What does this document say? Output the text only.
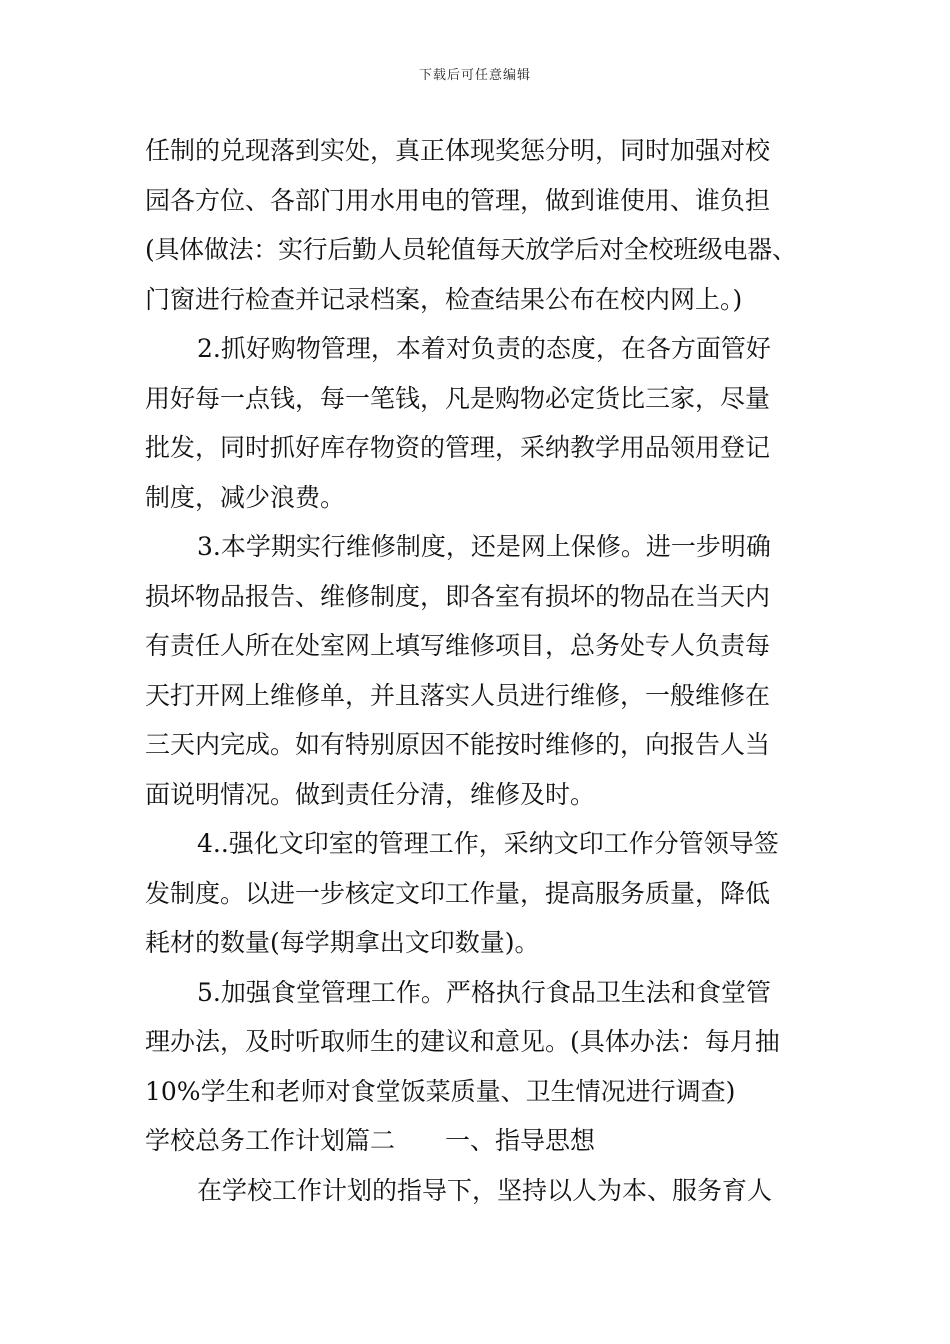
下载后可任意编辑
任制的兑现落到实处，真正体现奖惩分明，同时加强对校
园各方位、各部门用水用电的管理，做到谁使用、谁负担
(具体做法：实行后勤人员轮值每天放学后对全校班级电器、
门窗进行检查并记录档案，检查结果公布在校内网上。)
2.抓好购物管理，本着对负责的态度，在各方面管好
用好每一点钱，每一笔钱，凡是购物必定货比三家，尽量
批发，同时抓好库存物资的管理，采纳教学用品领用登记
制度，减少浪费。
3.本学期实行维修制度，还是网上保修。进一步明确
损坏物品报告、维修制度，即各室有损坏的物品在当天内
有责任人所在处室网上填写维修项目，总务处专人负责每
天打开网上维修单，并且落实人员进行维修，一般维修在
三天内完成。如有特别原因不能按时维修的，向报告人当
面说明情况。做到责任分清，维修及时。
4..强化文印室的管理工作，采纳文印工作分管领导签
发制度。以进一步核定文印工作量，提高服务质量，降低
耗材的数量(每学期拿出文印数量)。
5.加强食堂管理工作。严格执行食品卫生法和食堂管
理办法，及时听取师生的建议和意见。(具体办法：每月抽
10%学生和老师对食堂饭菜质量、卫生情况进行调查)
学校总务工作计划篇二　　一、指导思想
在学校工作计划的指导下，坚持以人为本、服务育人
